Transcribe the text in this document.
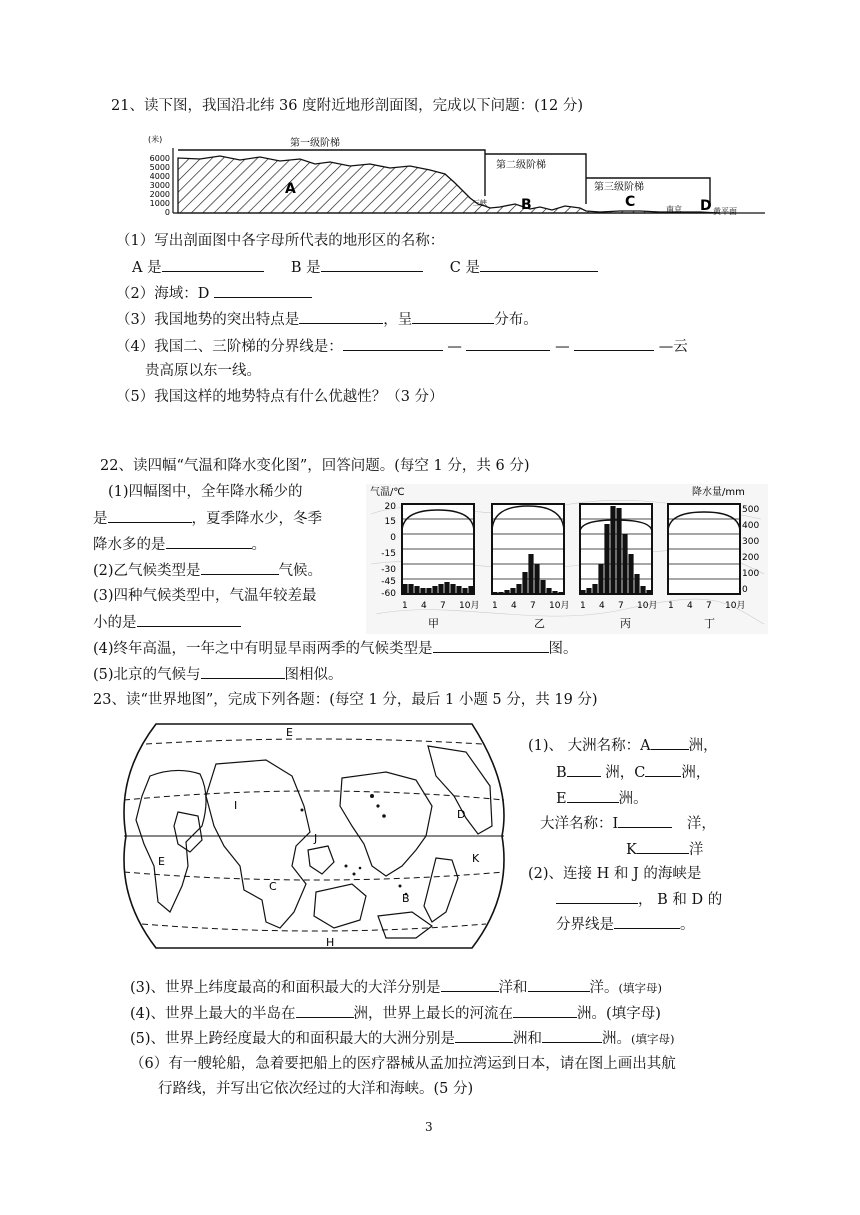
21、读下图，我国沿北纬 36 度附近地形剖面图，完成以下问题：(12 分)
(米)
6000
5000
4000
3000
2000
1000
0
第一级阶梯
第二级阶梯
第三级阶梯
三峡
南京	黄平面
A
B	C	D
（1）写出剖面图中各字母所代表的地形区的名称：
A 是	B 是	C 是
（2）海域：D
（3）我国地势的突出特点是	，呈	分布。
（4）我国二、三阶梯的分界线是：	—	—	—云
贵高原以东一线。
（5）我国这样的地势特点有什么优越性？（3 分）
22、读四幅“气温和降水变化图”，回答问题。(每空 1 分，共 6 分)
(1)四幅图中，全年降水稀少的
是	，夏季降水少，冬季
降水多的是	。
(2)乙气候类型是	气候。
(3)四种气候类型中，气温年较差最
小的是
气温/℃	降水量/mm
20
15
0
-15
-30
-45
-60
500
400
300
200
100
0
1 4 7 10月 1 4 7 10月 1 4 7 10月 1 4 7 10月
甲	乙	丙	丁
(4)终年高温，一年之中有明显旱雨两季的气候类型是	图。
(5)北京的气候与	图相似。
23、读“世界地图”，完成下列各题：(每空 1 分，最后 1 小题 5 分，共 19 分)
E
I
D
E
J
C
K
B
H
(1)、 大洲名称：A	洲，
B	洲，C 洲，
E	洲。
大洋名称：I	洋，
K	洋
(2)、连接 H 和 J 的海峡是
， B 和 D 的
分界线是	。
(3)、世界上纬度最高的和面积最大的大洋分别是	洋和	洋。(填字母)
(4)、世界上最大的半岛在	洲，世界上最长的河流在	洲。(填字母)
(5)、世界上跨经度最大的和面积最大的大洲分别是	洲和	洲。(填字母)
（6）有一艘轮船，急着要把船上的医疗器械从孟加拉湾运到日本，请在图上画出其航
行路线，并写出它依次经过的大洋和海峡。(5 分)
3
